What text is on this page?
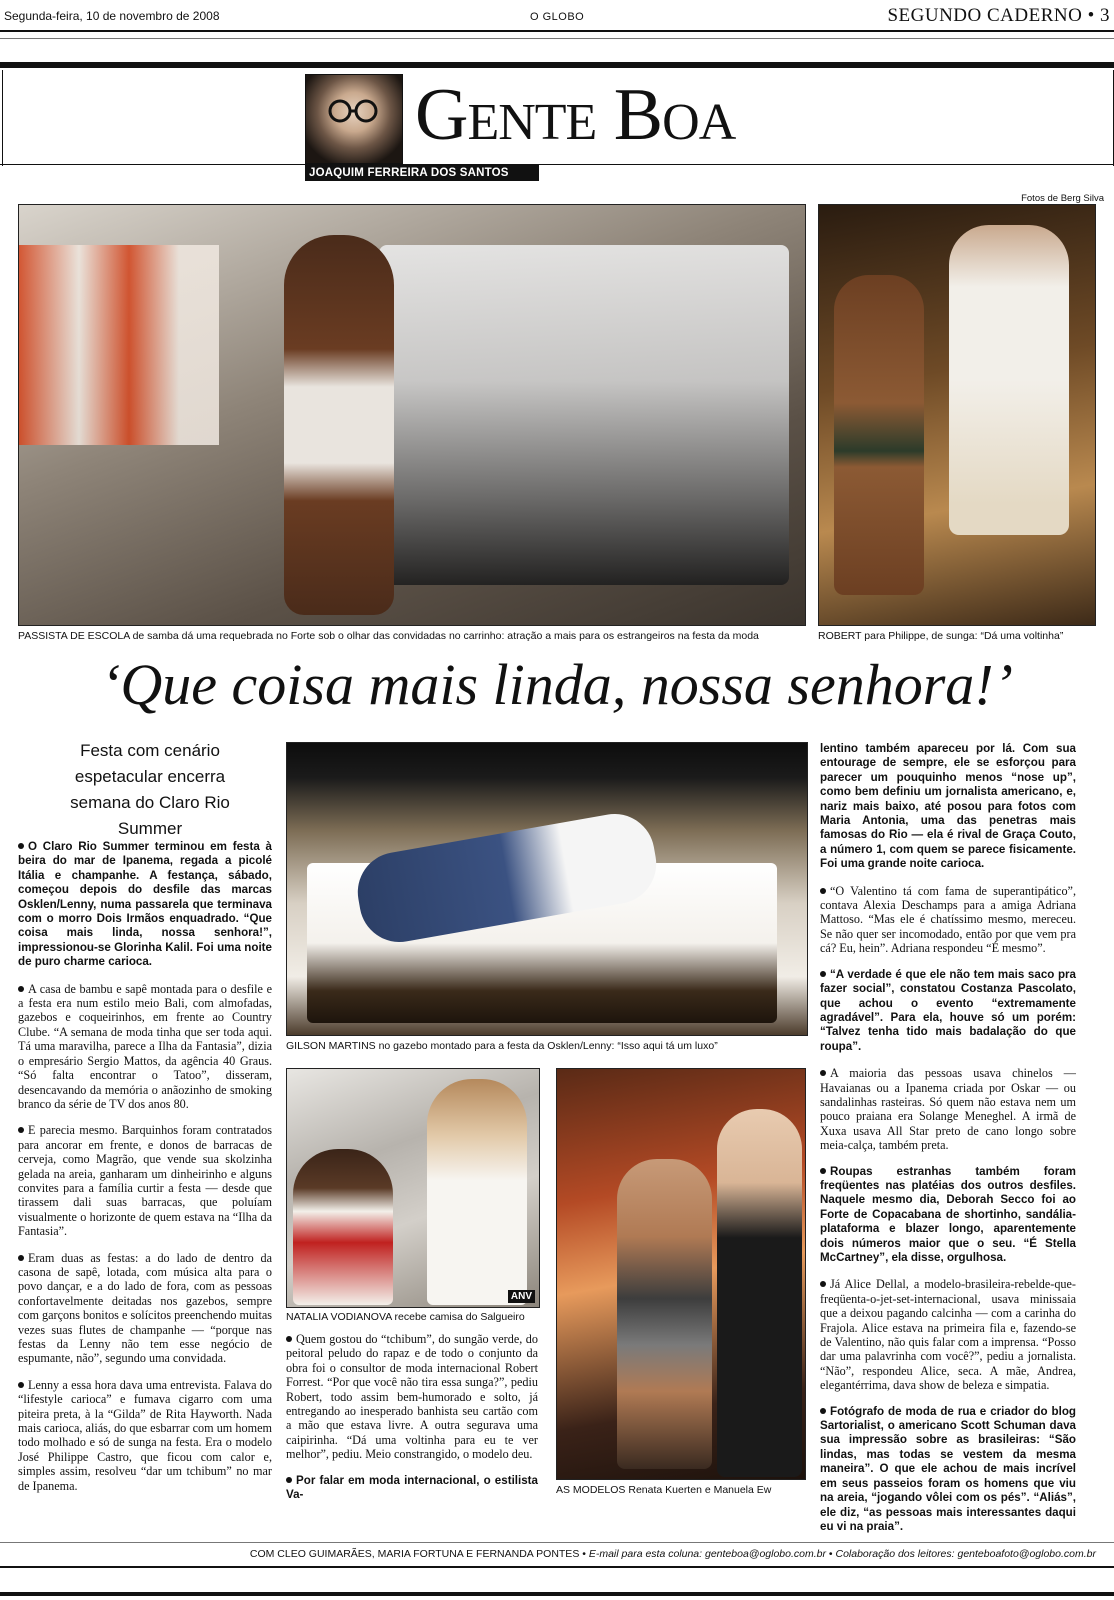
Segunda-feira, 10 de novembro de 2008	O GLOBO	SEGUNDO CADERNO • 3
JOAQUIM FERREIRA DOS SANTOS
Gente Boa
Fotos de Berg Silva
PASSISTA DE ESCOLA de samba dá uma requebrada no Forte sob o olhar das convidadas no carrinho: atração a mais para os estrangeiros na festa da moda	ROBERT para Philippe, de sunga: “Dá uma voltinha”
‘Que coisa mais linda, nossa senhora!’
Festa com cenário espetacular encerra semana do Claro Rio Summer

O Claro Rio Summer terminou em festa à beira do mar de Ipanema, regada a picolé Itália e champanhe. A festança, sábado, começou depois do desfile das marcas Osklen/Lenny, numa passarela que terminava com o morro Dois Irmãos enquadrado. “Que coisa mais linda, nossa senhora!”, impressionou-se Glorinha Kalil. Foi uma noite de puro charme carioca.

A casa de bambu e sapê montada para o desfile e a festa era num estilo meio Bali, com almofadas, gazebos e coqueirinhos, em frente ao Country Clube. “A semana de moda tinha que ser toda aqui. Tá uma maravilha, parece a Ilha da Fantasia”, dizia o empresário Sergio Mattos, da agência 40 Graus. “Só falta encontrar o Tatoo”, disseram, desencavando da memória o anãozinho de smoking branco da série de TV dos anos 80.

E parecia mesmo. Barquinhos foram contratados para ancorar em frente, e donos de barracas de cerveja, como Magrão, que vende sua skolzinha gelada na areia, ganharam um dinheirinho e alguns convites para a família curtir a festa — desde que tirassem dali suas barracas, que poluíam visualmente o horizonte de quem estava na “Ilha da Fantasia”.

Eram duas as festas: a do lado de dentro da casona de sapê, lotada, com música alta para o povo dançar, e a do lado de fora, com as pessoas confortavelmente deitadas nos gazebos, sempre com garçons bonitos e solícitos preenchendo muitas vezes suas flutes de champanhe — “porque nas festas da Lenny não tem esse negócio de espumante, não”, segundo uma convidada.

Lenny a essa hora dava uma entrevista. Falava do “lifestyle carioca” e fumava cigarro com uma piteira preta, à la “Gilda” de Rita Hayworth. Nada mais carioca, aliás, do que esbarrar com um homem todo molhado e só de sunga na festa. Era o modelo José Philippe Castro, que ficou com calor e, simples assim, resolveu “dar um tchibum” no mar de Ipanema.

GILSON MARTINS no gazebo montado para a festa da Osklen/Lenny: “Isso aqui tá um luxo”
ANV
NATALIA VODIANOVA recebe camisa do Salgueiro

Quem gostou do “tchibum”, do sungão verde, do peitoral peludo do rapaz e de todo o conjunto da obra foi o consultor de moda internacional Robert Forrest. “Por que você não tira essa sunga?”, pediu Robert, todo assim bem-humorado e solto, já entregando ao inesperado banhista seu cartão com a mão que estava livre. A outra segurava uma caipirinha. “Dá uma voltinha para eu te ver melhor”, pediu. Meio constrangido, o modelo deu.

Por falar em moda internacional, o estilista Va-	AS MODELOS Renata Kuerten e Manuela Ew

lentino também apareceu por lá. Com sua entourage de sempre, ele se esforçou para parecer um pouquinho menos “nose up”, como bem definiu um jornalista americano, e, nariz mais baixo, até posou para fotos com Maria Antonia, uma das penetras mais famosas do Rio — ela é rival de Graça Couto, a número 1, com quem se parece fisicamente. Foi uma grande noite carioca.

“O Valentino tá com fama de superantipático”, contava Alexia Deschamps para a amiga Adriana Mattoso. “Mas ele é chatíssimo mesmo, mereceu. Se não quer ser incomodado, então por que vem pra cá? Eu, hein”. Adriana respondeu “É mesmo”.

“A verdade é que ele não tem mais saco pra fazer social”, constatou Costanza Pascolato, que achou o evento “extremamente agradável”. Para ela, houve só um porém: “Talvez tenha tido mais badalação do que roupa”.

A maioria das pessoas usava chinelos — Havaianas ou a Ipanema criada por Oskar — ou sandalinhas rasteiras. Só quem não estava nem um pouco praiana era Solange Meneghel. A irmã de Xuxa usava All Star preto de cano longo sobre meia-calça, também preta.

Roupas estranhas também foram freqüentes nas platéias dos outros desfiles. Naquele mesmo dia, Deborah Secco foi ao Forte de Copacabana de shortinho, sandália-plataforma e blazer longo, aparentemente dois números maior que o seu. “É Stella McCartney”, ela disse, orgulhosa.

Já Alice Dellal, a modelo-brasileira-rebelde-que-freqüenta-o-jet-set-internacional, usava minissaia que a deixou pagando calcinha — com a carinha do Frajola. Alice estava na primeira fila e, fazendo-se de Valentino, não quis falar com a imprensa. “Posso dar uma palavrinha com você?”, pediu a jornalista. “Não”, respondeu Alice, seca. A mãe, Andrea, elegantérrima, dava show de beleza e simpatia.

Fotógrafo de moda de rua e criador do blog Sartorialist, o americano Scott Schuman dava sua impressão sobre as brasileiras: “São lindas, mas todas se vestem da mesma maneira”. O que ele achou de mais incrível em seus passeios foram os homens que viu na areia, “jogando vôlei com os pés”. “Aliás”, ele diz, “as pessoas mais interessantes daqui eu vi na praia”.

COM CLEO GUIMARÃES, MARIA FORTUNA E FERNANDA PONTES • E-mail para esta coluna: genteboa@oglobo.com.br • Colaboração dos leitores: genteboafoto@oglobo.com.br
